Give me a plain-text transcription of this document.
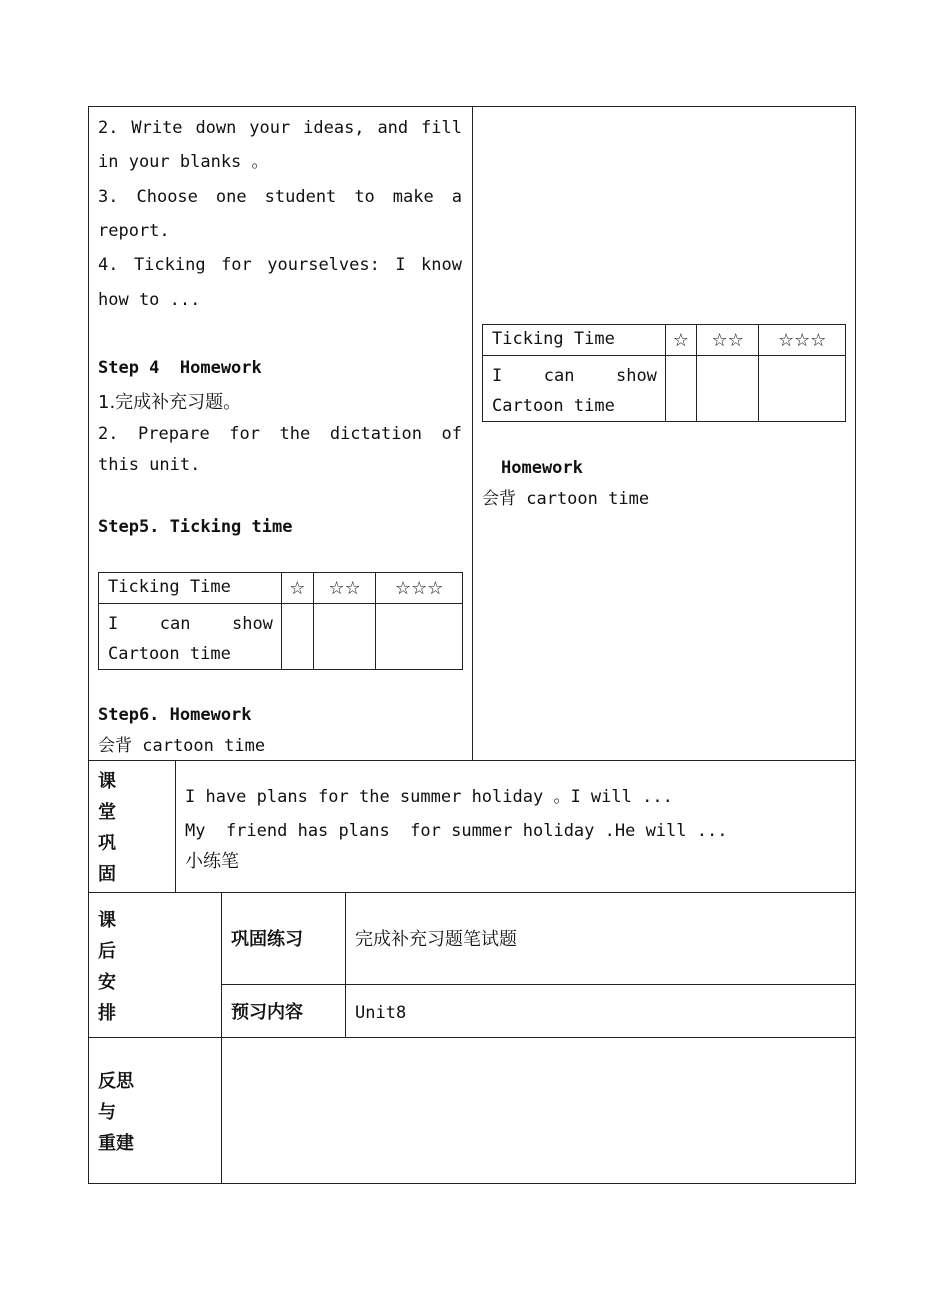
2. Write down your ideas, and fill
in your blanks 。
3. Choose one student to make a
report.
4. Ticking for yourselves: I know
how to ...
Step 4  Homework
1.完成补充习题。
2. Prepare for the dictation of
this unit.
Step5. Ticking time
Ticking Time	☆	☆☆	☆☆☆

I can show
Cartoon time			

Step6. Homework
会背 cartoon time
Ticking Time	☆	☆☆	☆☆☆

I can show
Cartoon time			

Homework
会背 cartoon time
课
堂
巩
固
I have plans for the summer holiday 。I will ...
My  friend has plans  for summer holiday .He will ...
小练笔
课
后
安
排
巩固练习	完成补充习题笔试题
预习内容	Unit8
反思
与
重建
